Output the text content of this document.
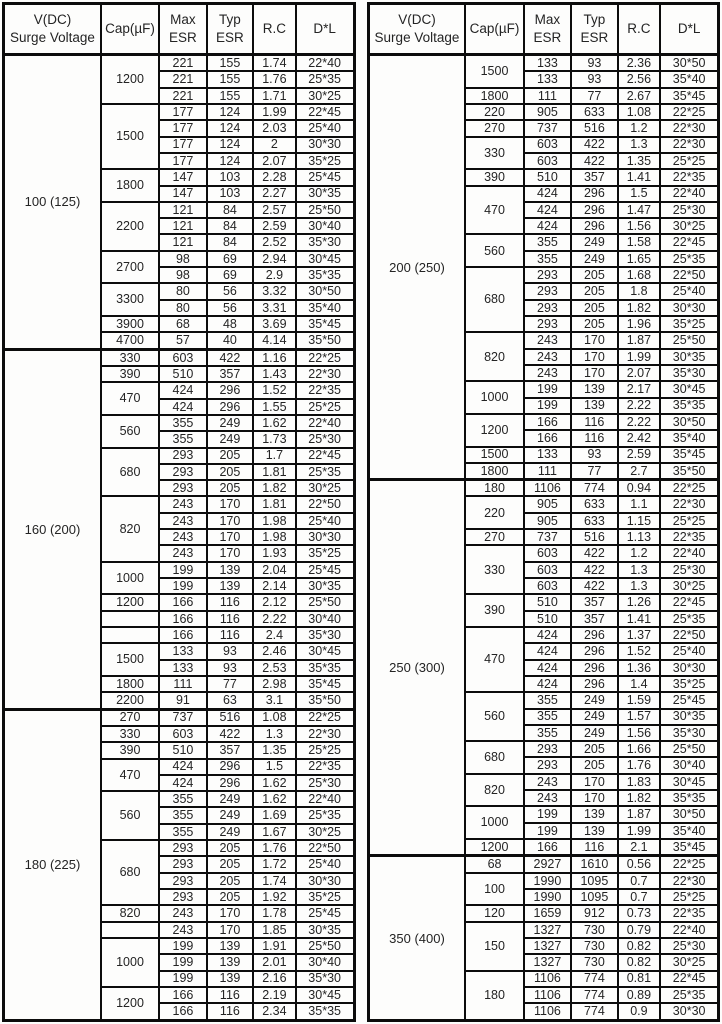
V(DC)
Surge Voltage	Cap(µF)	Max
ESR	Typ
ESR	R.C	D*L
100 (125)	1200	221	155	1.74	22*40
		221	155	1.76	25*35
		221	155	1.71	30*25
	1500	177	124	1.99	22*45
		177	124	2.03	25*40
		177	124	2	30*30
		177	124	2.07	35*25
	1800	147	103	2.28	25*45
		147	103	2.27	30*35
	2200	121	84	2.57	25*50
		121	84	2.59	30*40
		121	84	2.52	35*30
	2700	98	69	2.94	30*45
		98	69	2.9	35*35
	3300	80	56	3.32	30*50
		80	56	3.31	35*40
	3900	68	48	3.69	35*45
	4700	57	40	4.14	35*50
160 (200)	330	603	422	1.16	22*25
	390	510	357	1.43	22*30
	470	424	296	1.52	22*35
		424	296	1.55	25*25
	560	355	249	1.62	22*40
		355	249	1.73	25*30
	680	293	205	1.7	22*45
		293	205	1.81	25*35
		293	205	1.82	30*25
	820	243	170	1.81	22*50
		243	170	1.98	25*40
		243	170	1.98	30*30
		243	170	1.93	35*25
	1000	199	139	2.04	25*45
		199	139	2.14	30*35
	1200	166	116	2.12	25*50
		166	116	2.22	30*40
		166	116	2.4	35*30
	1500	133	93	2.46	30*45
		133	93	2.53	35*35
	1800	111	77	2.98	35*45
	2200	91	63	3.1	35*50
180 (225)	270	737	516	1.08	22*25
	330	603	422	1.3	22*30
	390	510	357	1.35	25*25
	470	424	296	1.5	22*35
		424	296	1.62	25*30
	560	355	249	1.62	22*40
		355	249	1.69	25*35
		355	249	1.67	30*25
	680	293	205	1.76	22*50
		293	205	1.72	25*40
		293	205	1.74	30*30
		293	205	1.92	35*25
	820	243	170	1.78	25*45
		243	170	1.85	30*35
	1000	199	139	1.91	25*50
		199	139	2.01	30*40
		199	139	2.16	35*30
	1200	166	116	2.19	30*45
		166	116	2.34	35*35
V(DC)
Surge Voltage	Cap(µF)	Max
ESR	Typ
ESR	R.C	D*L
200 (250)	1500	133	93	2.36	30*50
		133	93	2.56	35*40
	1800	111	77	2.67	35*45
	220	905	633	1.08	22*25
	270	737	516	1.2	22*30
	330	603	422	1.3	22*30
		603	422	1.35	25*25
	390	510	357	1.41	22*35
	470	424	296	1.5	22*40
		424	296	1.47	25*30
		424	296	1.56	30*25
	560	355	249	1.58	22*45
		355	249	1.65	25*35
	680	293	205	1.68	22*50
		293	205	1.8	25*40
		293	205	1.82	30*30
		293	205	1.96	35*25
	820	243	170	1.87	25*50
		243	170	1.99	30*35
		243	170	2.07	35*30
	1000	199	139	2.17	30*45
		199	139	2.22	35*35
	1200	166	116	2.22	30*50
		166	116	2.42	35*40
	1500	133	93	2.59	35*45
	1800	111	77	2.7	35*50
250 (300)	180	1106	774	0.94	22*25
	220	905	633	1.1	22*30
		905	633	1.15	25*25
	270	737	516	1.13	22*35
	330	603	422	1.2	22*40
		603	422	1.3	25*30
		603	422	1.3	30*25
	390	510	357	1.26	22*45
		510	357	1.41	25*35
	470	424	296	1.37	22*50
		424	296	1.52	25*40
		424	296	1.36	30*30
		424	296	1.4	35*25
	560	355	249	1.59	25*45
		355	249	1.57	30*35
		355	249	1.56	35*30
	680	293	205	1.66	25*50
		293	205	1.76	30*40
	820	243	170	1.83	30*45
		243	170	1.82	35*35
	1000	199	139	1.87	30*50
		199	139	1.99	35*40
	1200	166	116	2.1	35*45
350 (400)	68	2927	1610	0.56	22*25
	100	1990	1095	0.7	22*30
		1990	1095	0.7	25*25
	120	1659	912	0.73	22*35
	150	1327	730	0.79	22*40
		1327	730	0.82	25*30
		1327	730	0.82	30*25
	180	1106	774	0.81	22*45
		1106	774	0.89	25*35
		1106	774	0.9	30*30
